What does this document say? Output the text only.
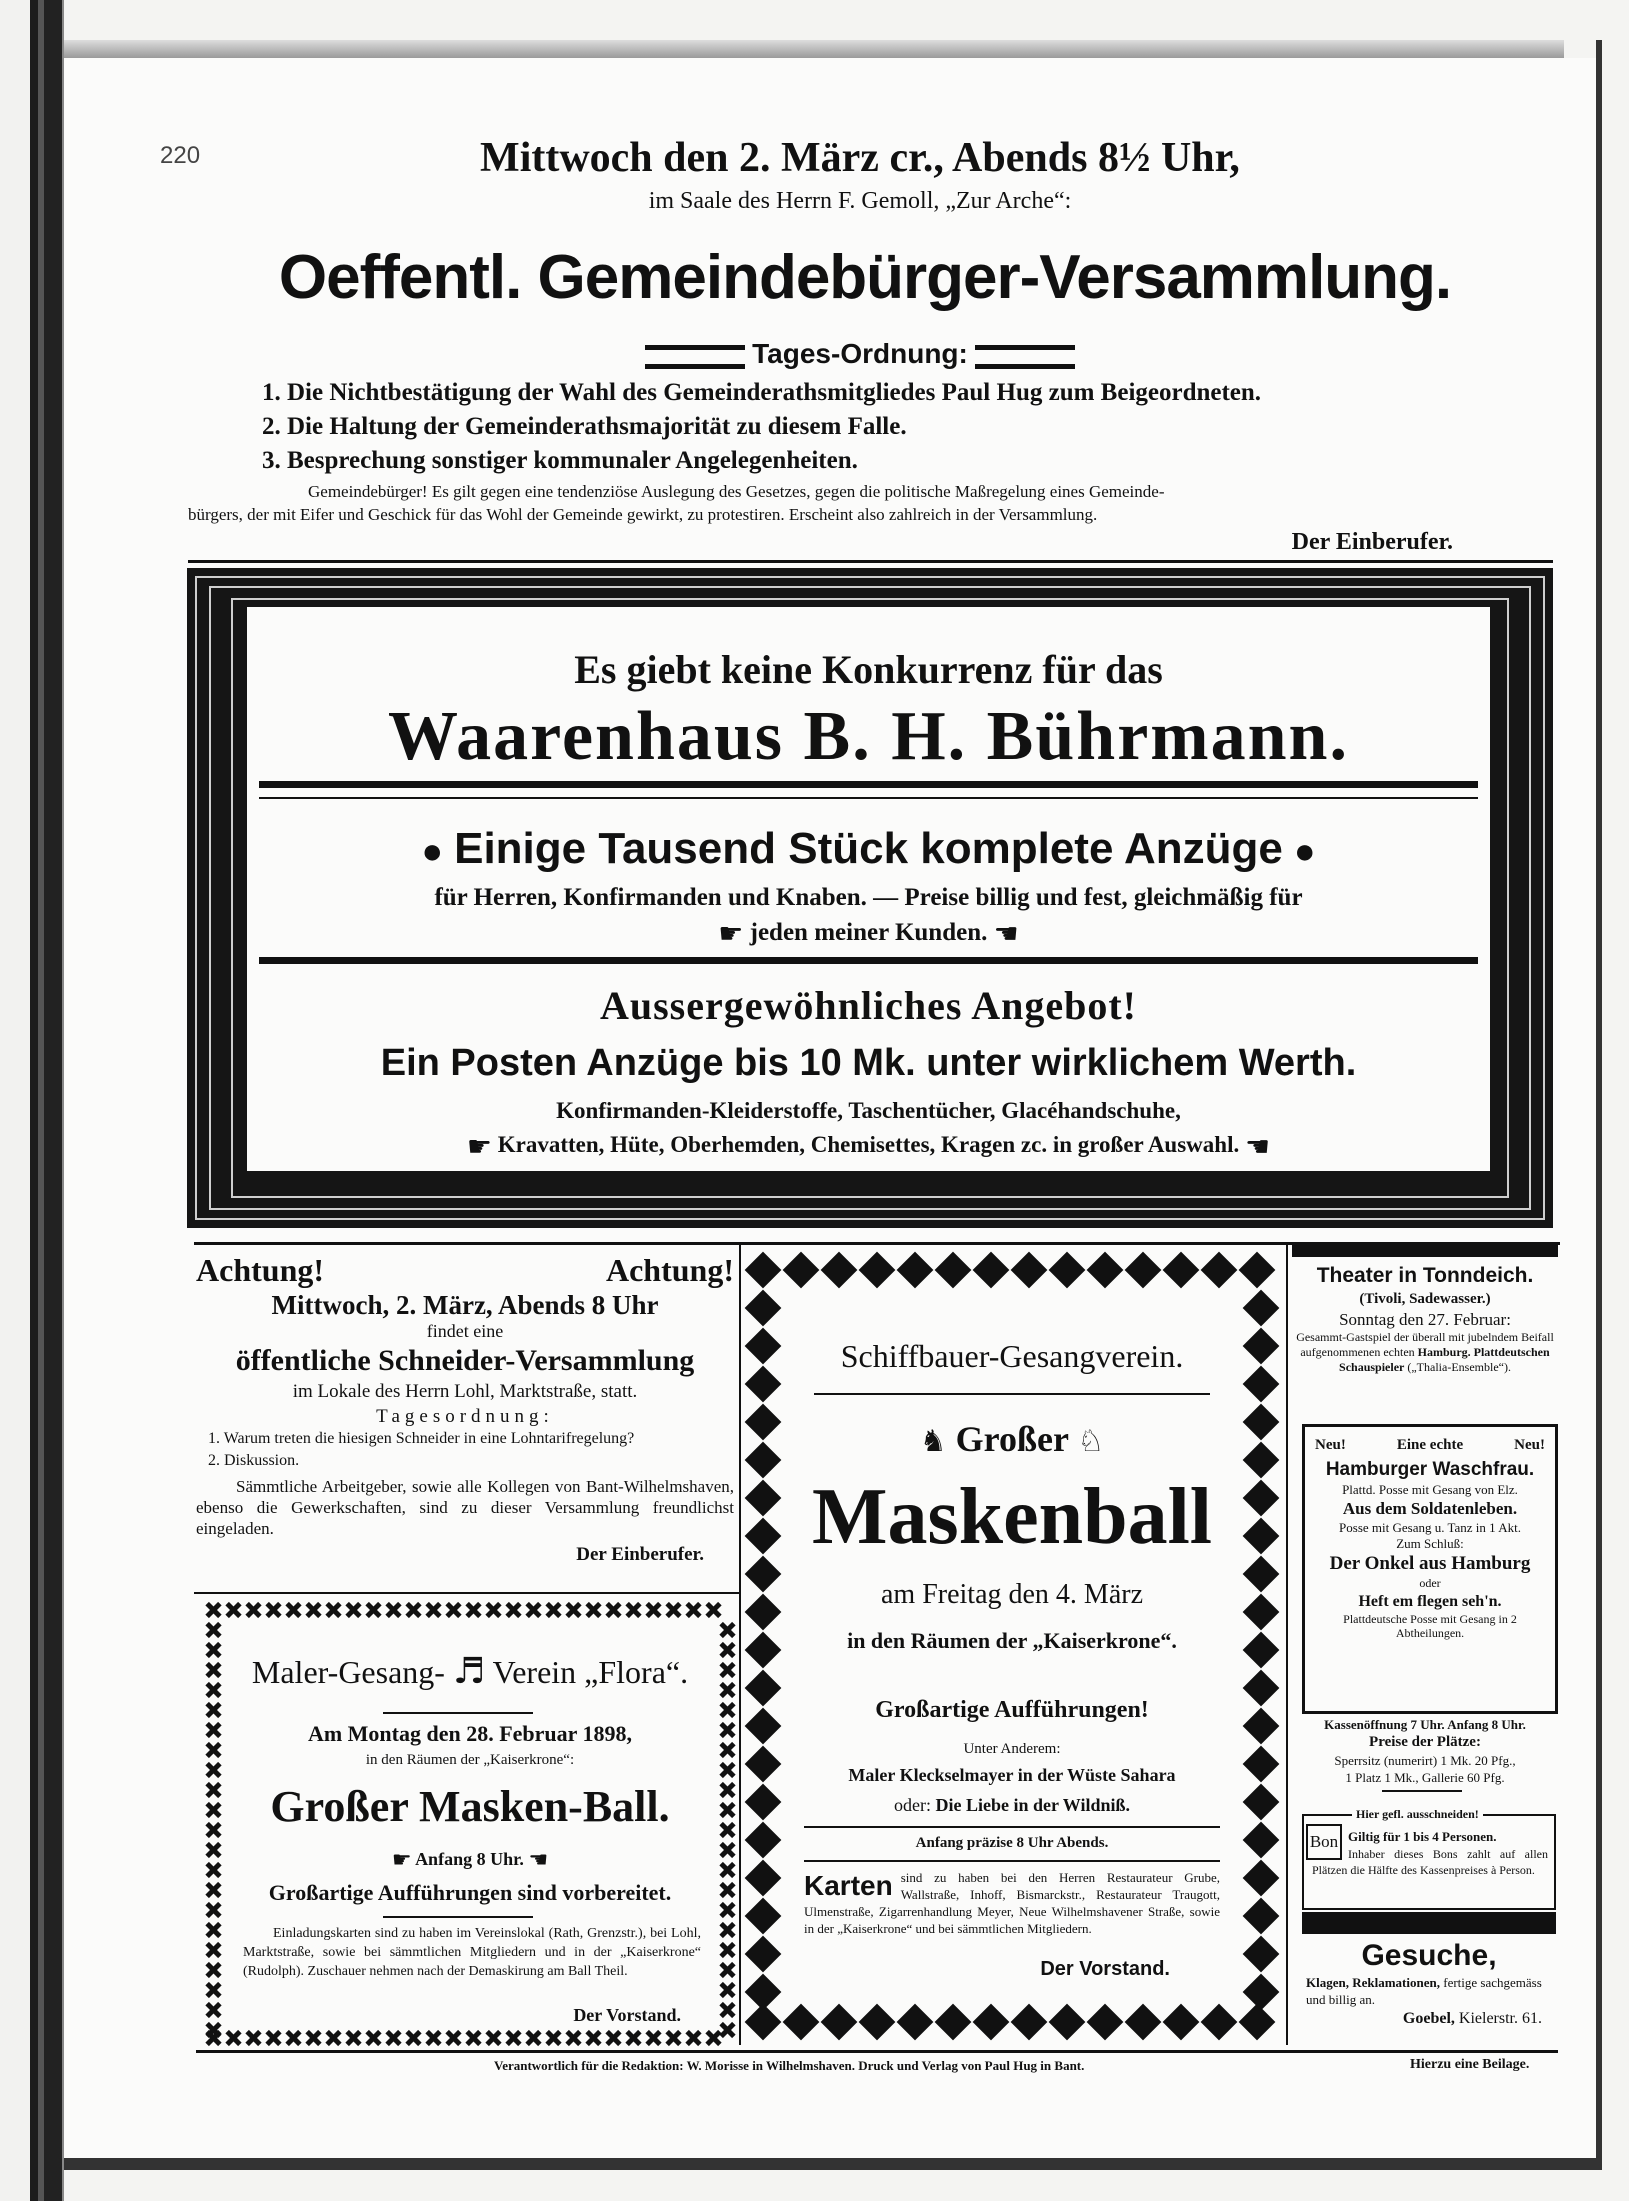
220	Mittwoch den 2. März cr., Abends 8½ Uhr,
im Saale des Herrn F. Gemoll, „Zur Arche“:
Oeffentl. Gemeindebürger-Versammlung.
Tages-Ordnung:
1. Die Nichtbestätigung der Wahl des Gemeinderathsmitgliedes Paul Hug zum Beigeordneten.
2. Die Haltung der Gemeinderathsmajorität zu diesem Falle.
3. Besprechung sonstiger kommunaler Angelegenheiten.
Gemeindebürger! Es gilt gegen eine tendenziöse Auslegung des Gesetzes, gegen die politische Maßregelung eines Gemeinde-
bürgers, der mit Eifer und Geschick für das Wohl der Gemeinde gewirkt, zu protestiren. Erscheint also zahlreich in der Versammlung.
Der Einberufer.
Es giebt keine Konkurrenz für das
Waarenhaus B. H. Bührmann.
● Einige Tausend Stück komplete Anzüge ●
für Herren, Konfirmanden und Knaben. — Preise billig und fest, gleichmäßig für
☛ jeden meiner Kunden. ☚
Aussergewöhnliches Angebot!
Ein Posten Anzüge bis 10 Mk. unter wirklichem Werth.
Konfirmanden-Kleiderstoffe, Taschentücher, Glacéhandschuhe,
☛ Kravatten, Hüte, Oberhemden, Chemisettes, Kragen zc. in großer Auswahl. ☚
Achtung!	Achtung!
Mittwoch, 2. März, Abends 8 Uhr
findet eine
öffentliche Schneider-Versammlung
im Lokale des Herrn Lohl, Marktstraße, statt.
Tagesordnung:
1. Warum treten die hiesigen Schneider in eine Lohntarifregelung?
2. Diskussion.
Sämmtliche Arbeitgeber, sowie alle Kollegen von Bant-Wilhelmshaven, ebenso die Gewerkschaften, sind zu dieser Versammlung freundlichst eingeladen.
Der Einberufer.
Maler-Gesang- ♬ Verein „Flora“.
Am Montag den 28. Februar 1898,
in den Räumen der „Kaiserkrone“:
Großer Masken-Ball.
☛ Anfang 8 Uhr. ☚
Großartige Aufführungen sind vorbereitet.
Einladungskarten sind zu haben im Vereinslokal (Rath, Grenzstr.), bei Lohl, Marktstraße, sowie bei sämmtlichen Mitgliedern und in der „Kaiserkrone“ (Rudolph). Zuschauer nehmen nach der Demaskirung am Ball Theil.
Der Vorstand.
Schiffbauer-Gesangverein.
♞ Großer ♘
Maskenball
am Freitag den 4. März
in den Räumen der „Kaiserkrone“.
Großartige Aufführungen!
Unter Anderem:
Maler Kleckselmayer in der Wüste Sahara
oder: Die Liebe in der Wildniß.
Anfang präzise 8 Uhr Abends.
Karten sind zu haben bei den Herren Restaurateur Grube, Wallstraße, Inhoff, Bismarckstr., Restaurateur Traugott, Ulmenstraße, Zigarrenhandlung Meyer, Neue Wilhelmshavener Straße, sowie in der „Kaiserkrone“ und bei sämmtlichen Mitgliedern.
Der Vorstand.
Theater in Tonndeich.
(Tivoli, Sadewasser.)
Sonntag den 27. Februar:
Gesammt-Gastspiel der überall mit jubelndem Beifall aufgenommenen echten Hamburg. Plattdeutschen Schauspieler („Thalia-Ensemble“).
Neu!	Eine echte	Neu!
Hamburger Waschfrau.
Plattd. Posse mit Gesang von Elz.
Aus dem Soldatenleben.
Posse mit Gesang u. Tanz in 1 Akt.
Zum Schluß:
Der Onkel aus Hamburg
oder
Heft em flegen seh'n.
Plattdeutsche Posse mit Gesang in 2 Abtheilungen.
Kassenöffnung 7 Uhr. Anfang 8 Uhr.
Preise der Plätze:
Sperrsitz (numerirt) 1 Mk. 20 Pfg.,
1 Platz 1 Mk., Gallerie 60 Pfg.
Hier gefl. ausschneiden!
Bon Giltig für 1 bis 4 Personen.
Inhaber dieses Bons zahlt auf allen Plätzen die Hälfte des Kassenpreises à Person.
Gesuche,
Klagen, Reklamationen, fertige sachgemäss und billig an.
Goebel, Kielerstr. 61.
Verantwortlich für die Redaktion: W. Morisse in Wilhelmshaven. Druck und Verlag von Paul Hug in Bant.	Hierzu eine Beilage.
